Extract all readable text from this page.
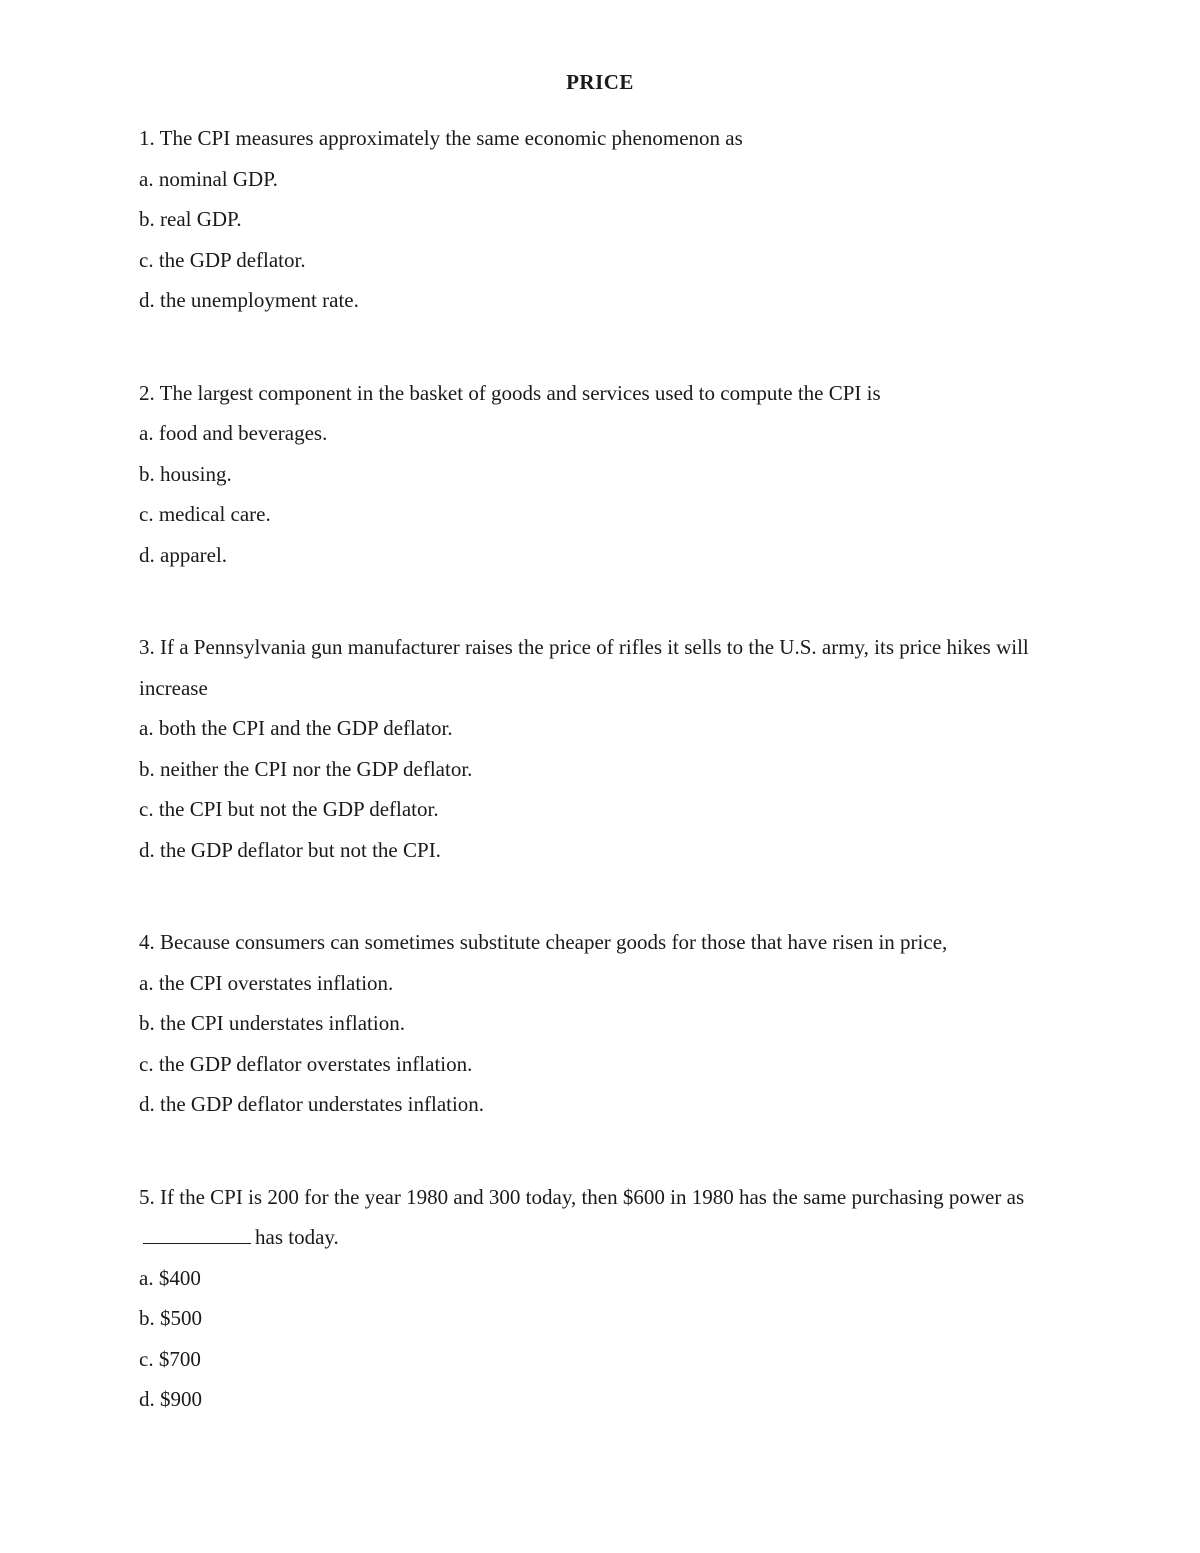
PRICE

1. The CPI measures approximately the same economic phenomenon as

a. nominal GDP.

b. real GDP.

c. the GDP deflator.

d. the unemployment rate.

2. The largest component in the basket of goods and services used to compute the CPI is

a. food and beverages.

b. housing.

c. medical care.

d. apparel.

3. If a Pennsylvania gun manufacturer raises the price of rifles it sells to the U.S. army, its price hikes will increase

a. both the CPI and the GDP deflator.

b. neither the CPI nor the GDP deflator.

c. the CPI but not the GDP deflator.

d. the GDP deflator but not the CPI.

4. Because consumers can sometimes substitute cheaper goods for those that have risen in price,

a. the CPI overstates inflation.

b. the CPI understates inflation.

c. the GDP deflator overstates inflation.

d. the GDP deflator understates inflation.

5. If the CPI is 200 for the year 1980 and 300 today, then $600 in 1980 has the same purchasing power ashas today.

a. $400

b. $500

c. $700

d. $900
